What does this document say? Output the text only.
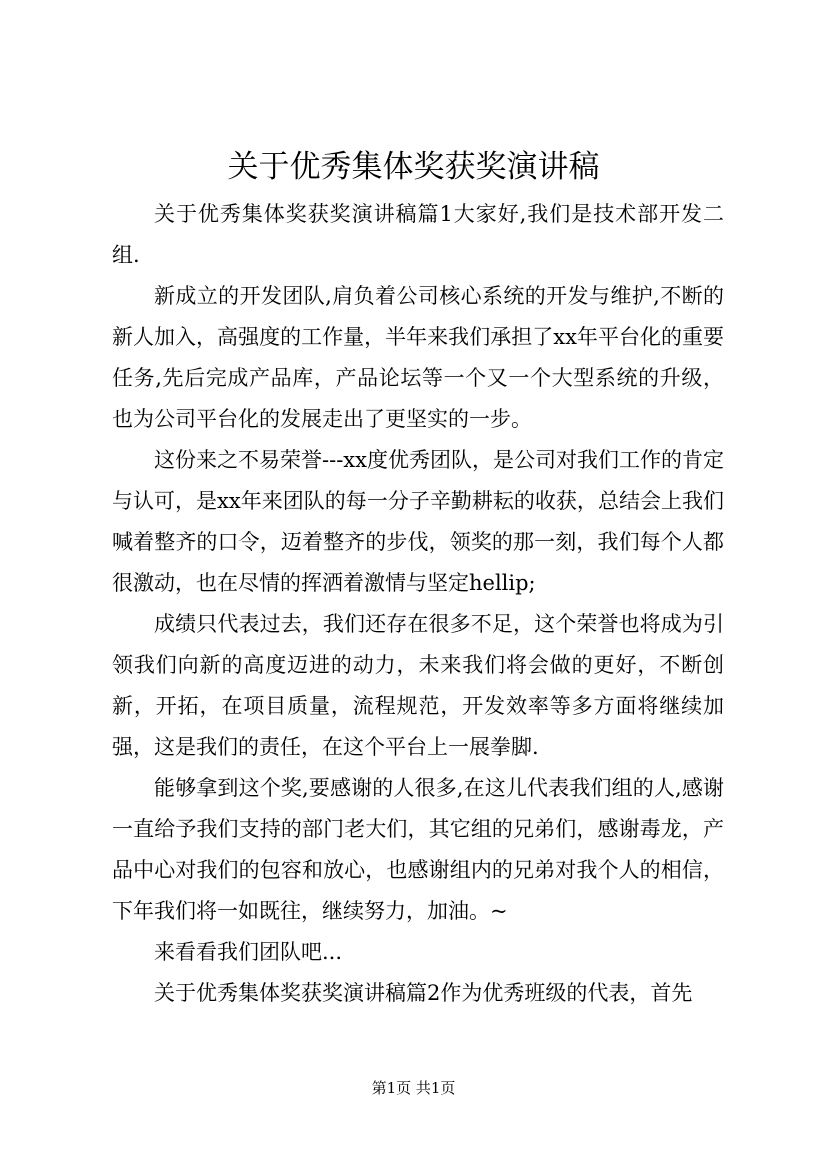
关于优秀集体奖获奖演讲稿

关于优秀集体奖获奖演讲稿篇1大家好,我们是技术部开发二组.

新成立的开发团队,肩负着公司核心系统的开发与维护,不断的新人加入，高强度的工作量，半年来我们承担了xx年平台化的重要任务,先后完成产品库，产品论坛等一个又一个大型系统的升级，也为公司平台化的发展走出了更坚实的一步。

这份来之不易荣誉---xx度优秀团队，是公司对我们工作的肯定与认可，是xx年来团队的每一分子辛勤耕耘的收获，总结会上我们喊着整齐的口令，迈着整齐的步伐，领奖的那一刻，我们每个人都很激动，也在尽情的挥洒着激情与坚定hellip;

成绩只代表过去，我们还存在很多不足，这个荣誉也将成为引领我们向新的高度迈进的动力，未来我们将会做的更好，不断创新，开拓，在项目质量，流程规范，开发效率等多方面将继续加强，这是我们的责任，在这个平台上一展拳脚.

能够拿到这个奖,要感谢的人很多,在这儿代表我们组的人,感谢一直给予我们支持的部门老大们，其它组的兄弟们，感谢毒龙，产品中心对我们的包容和放心，也感谢组内的兄弟对我个人的相信，下年我们将一如既往，继续努力，加油。~

来看看我们团队吧...

关于优秀集体奖获奖演讲稿篇2作为优秀班级的代表，首先

第1页 共1页
